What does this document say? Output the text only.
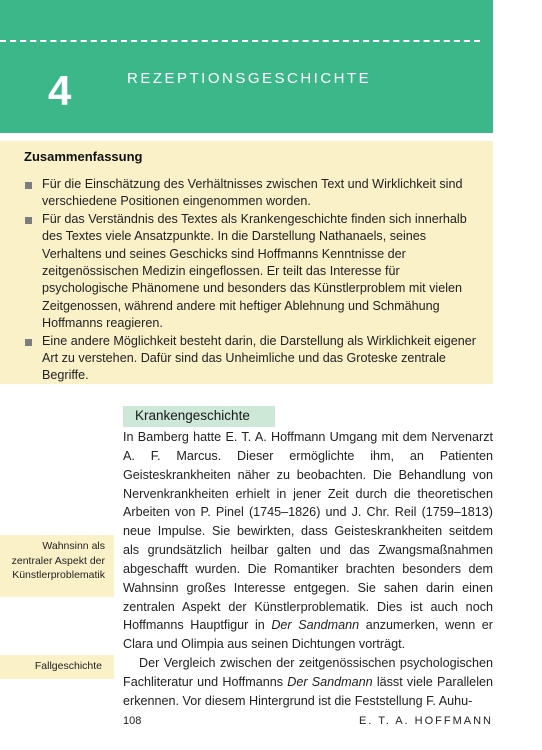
4	REZEPTIONSGESCHICHTE
Zusammenfassung
Für die Einschätzung des Verhältnisses zwischen Text und Wirklichkeit sind verschiedene Positionen eingenommen worden.
Für das Verständnis des Textes als Krankengeschichte finden sich innerhalb des Textes viele Ansatzpunkte. In die Darstellung Nathanaels, seines Verhaltens und seines Geschicks sind Hoffmanns Kenntnisse der zeitgenössischen Medizin eingeflossen. Er teilt das Interesse für psychologische Phänomene und besonders das Künstlerproblem mit vielen Zeitgenossen, während andere mit heftiger Ablehnung und Schmähung Hoffmanns reagieren.
Eine andere Möglichkeit besteht darin, die Darstellung als Wirklichkeit eigener Art zu verstehen. Dafür sind das Unheimliche und das Groteske zentrale Begriffe.
Krankengeschichte

In Bamberg hatte E. T. A. Hoffmann Umgang mit dem Nervenarzt A. F. Marcus. Dieser ermöglichte ihm, an Patienten Geisteskrankheiten näher zu beobachten. Die Behandlung von Nervenkrankheiten erhielt in jener Zeit durch die theoretischen Arbeiten von P. Pinel (1745–1826) und J. Chr. Reil (1759–1813) neue Impulse. Sie bewirkten, dass Geisteskrankheiten seitdem als grundsätzlich heilbar galten und das Zwangsmaßnahmen abgeschafft wurden. Die Romantiker brachten besonders dem Wahnsinn großes Interesse entgegen. Sie sahen darin einen zentralen Aspekt der Künstlerproblematik. Dies ist auch noch Hoffmanns Hauptfigur in Der Sandmann anzumerken, wenn er Clara und Olimpia aus seinen Dichtungen vorträgt.

Der Vergleich zwischen der zeitgenössischen psychologischen Fachliteratur und Hoffmanns Der Sandmann lässt viele Parallelen erkennen. Vor diesem Hintergrund ist die Feststellung F. Auhu-

Wahnsinn als zentraler Aspekt der Künstlerproblematik
Fallgeschichte
108	E. T. A. HOFFMANN
